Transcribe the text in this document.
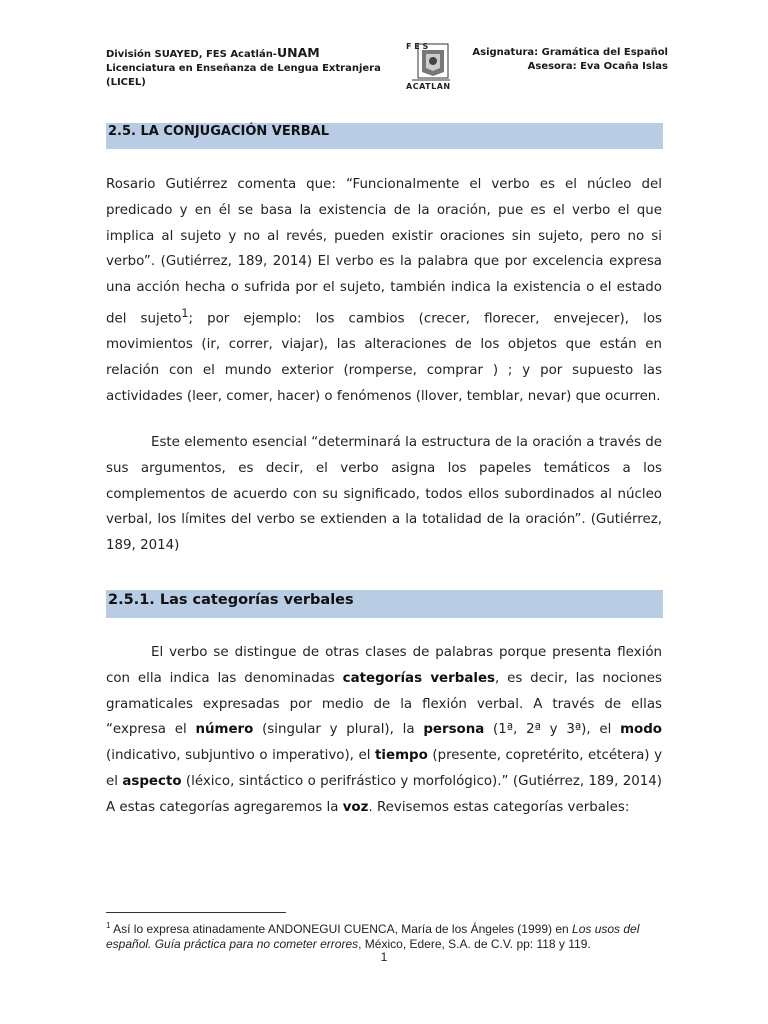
División SUAYED, FES Acatlán-UNAM
Licenciatura en Enseñanza de Lengua Extranjera
(LICEL)
F E S
ACATLAN
Asignatura: Gramática del Español
Asesora: Eva Ocaña Islas
2.5. LA CONJUGACIÓN VERBAL

Rosario Gutiérrez comenta que: “Funcionalmente el verbo es el núcleo del predicado y en él se basa la existencia de la oración, pue es el verbo el que implica al sujeto y no al revés, pueden existir oraciones sin sujeto, pero no si verbo”. (Gutiérrez, 189, 2014) El verbo es la palabra que por excelencia expresa una acción hecha o sufrida por el sujeto, también indica la existencia o el estado del sujeto$^1$; por ejemplo: los cambios (crecer, florecer, envejecer), los movimientos (ir, correr, viajar), las alteraciones de los objetos que están en relación con el mundo exterior (romperse, comprar ) ; y por supuesto las actividades (leer, comer, hacer) o fenómenos (llover, temblar, nevar) que ocurren.

Este elemento esencial “determinará la estructura de la oración a través de sus argumentos, es decir, el verbo asigna los papeles temáticos a los complementos de acuerdo con su significado, todos ellos subordinados al núcleo verbal, los límites del verbo se extienden a la totalidad de la oración”. (Gutiérrez, 189, 2014)

2.5.1. Las categorías verbales

El verbo se distingue de otras clases de palabras porque presenta flexión con ella indica las denominadas categorías verbales, es decir, las nociones gramaticales expresadas por medio de la flexión verbal. A través de ellas “expresa el número (singular y plural), la persona (1ª, 2ª y 3ª), el modo (indicativo, subjuntivo o imperativo), el tiempo (presente, copretérito, etcétera) y el aspecto (léxico, sintáctico o perifrástico y morfológico).” (Gutiérrez, 189, 2014) A estas categorías agregaremos la voz. Revisemos estas categorías verbales:

$^1$ Así lo expresa atinadamente ANDONEGUI CUENCA, María de los Ángeles (1999) en Los usos del español. Guía práctica para no cometer errores, México, Edere, S.A. de C.V. pp: 118 y 119.
1
